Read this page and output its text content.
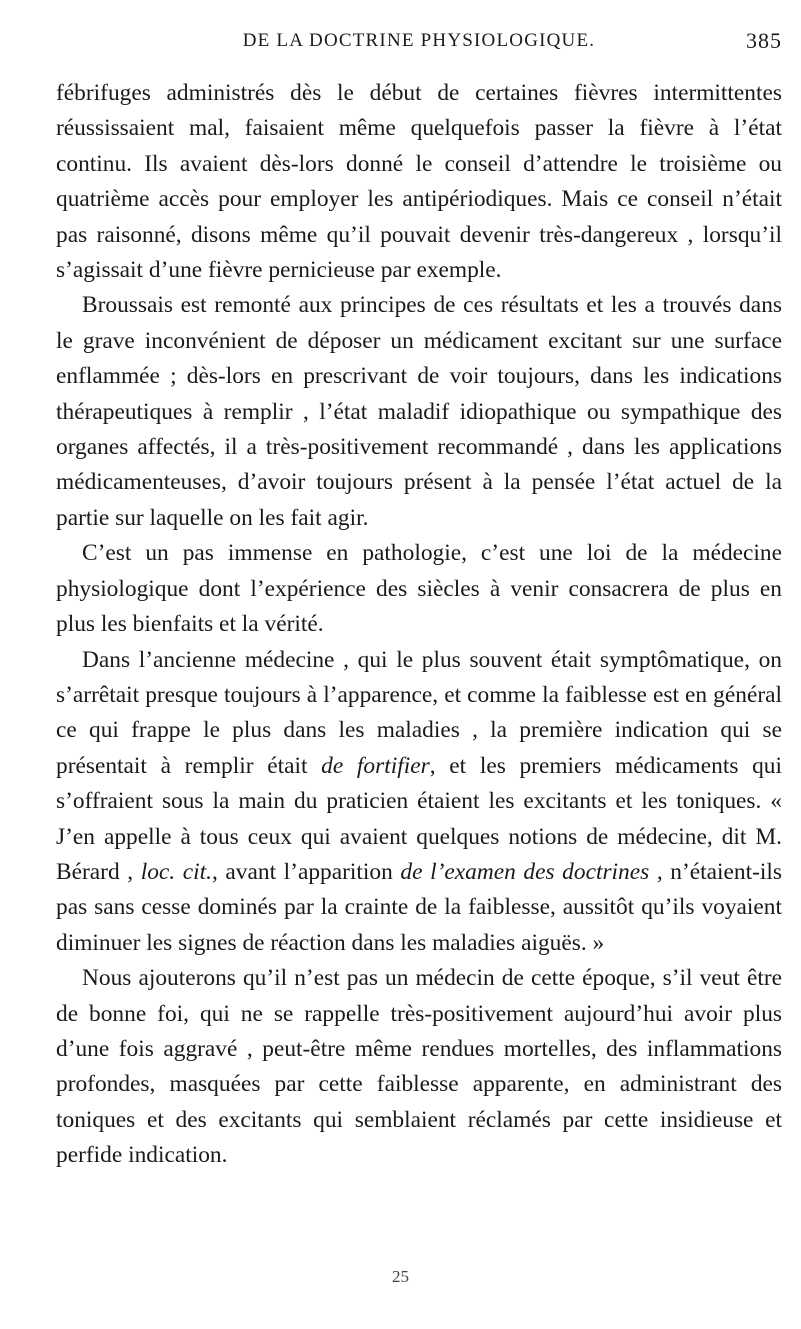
DE LA DOCTRINE PHYSIOLOGIQUE.	385

fébrifuges administrés dès le début de certaines fièvres intermittentes réussissaient mal, faisaient même quelquefois passer la fièvre à l’état continu. Ils avaient dès-lors donné le conseil d’attendre le troisième ou quatrième accès pour employer les antipériodiques. Mais ce conseil n’était pas raisonné, disons même qu’il pouvait devenir très-dangereux , lorsqu’il s’agissait d’une fièvre pernicieuse par exemple.

Broussais est remonté aux principes de ces résultats et les a trouvés dans le grave inconvénient de déposer un médicament excitant sur une surface enflammée ; dès-lors en prescrivant de voir toujours, dans les indications thérapeutiques à remplir , l’état maladif idiopathique ou sympathique des organes affectés, il a très-positivement recommandé , dans les applications médicamenteuses, d’avoir toujours présent à la pensée l’état actuel de la partie sur laquelle on les fait agir.

C’est un pas immense en pathologie, c’est une loi de la médecine physiologique dont l’expérience des siècles à venir consacrera de plus en plus les bienfaits et la vérité.

Dans l’ancienne médecine , qui le plus souvent était symptômatique, on s’arrêtait presque toujours à l’apparence, et comme la faiblesse est en général ce qui frappe le plus dans les maladies , la première indication qui se présentait à remplir était de fortifier, et les premiers médicaments qui s’offraient sous la main du praticien étaient les excitants et les toniques. « J’en appelle à tous ceux qui avaient quelques notions de médecine, dit M. Bérard , loc. cit., avant l’apparition de l’examen des doctrines , n’étaient-ils pas sans cesse dominés par la crainte de la faiblesse, aussitôt qu’ils voyaient diminuer les signes de réaction dans les maladies aiguës. »

Nous ajouterons qu’il n’est pas un médecin de cette époque, s’il veut être de bonne foi, qui ne se rappelle très-positivement aujourd’hui avoir plus d’une fois aggravé , peut-être même rendues mortelles, des inflammations profondes, masquées par cette faiblesse apparente, en administrant des toniques et des excitants qui semblaient réclamés par cette insidieuse et perfide indication.

25
